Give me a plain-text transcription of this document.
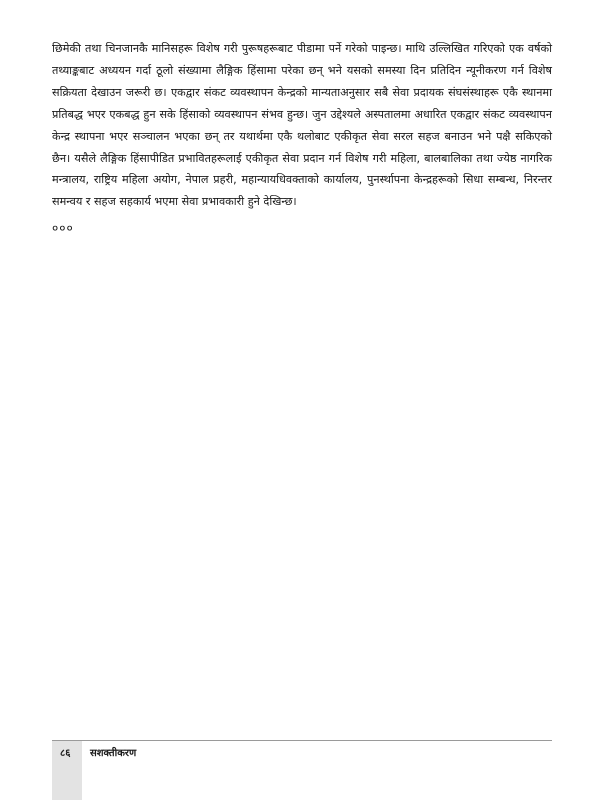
छिमेकी तथा चिनजानकै मानिसहरू विशेष गरी पुरूषहरूबाट पीडामा पर्ने गरेको पाइन्छ। माथि उल्लिखित गरिएको एक वर्षको तथ्याङ्कबाट अध्ययन गर्दा ठूलो संख्यामा लैङ्गिक हिंसामा परेका छन् भने यसको समस्या दिन प्रतिदिन न्यूनीकरण गर्न विशेष सक्रियता देखाउन जरूरी छ। एकद्वार संकट व्यवस्थापन केन्द्रको मान्यताअनुसार सबै सेवा प्रदायक संघसंस्थाहरू एकै स्थानमा प्रतिबद्ध भएर एकबद्ध हुन सके हिंसाको व्यवस्थापन संभव हुन्छ। जुन उद्देश्यले अस्पतालमा अधारित एकद्वार संकट व्यवस्थापन केन्द्र स्थापना भएर सञ्चालन भएका छन् तर यथार्थमा एकै थलोबाट एकीकृत सेवा सरल सहज बनाउन भने पक्षै सकिएको छैन। यसैले लैङ्गिक हिंसापीडित प्रभावितहरूलाई एकीकृत सेवा प्रदान गर्न विशेष गरी महिला, बालबालिका तथा ज्येष्ठ नागरिक मन्त्रालय, राष्ट्रिय महिला अयोग, नेपाल प्रहरी, महान्यायधिवक्ताको कार्यालय, पुनर्स्थापना केन्द्रहरूको सिधा सम्बन्ध, निरन्तर समन्वय र सहज सहकार्य भएमा सेवा प्रभावकारी हुने देखिन्छ।

०००

८६ सशक्तीकरण
